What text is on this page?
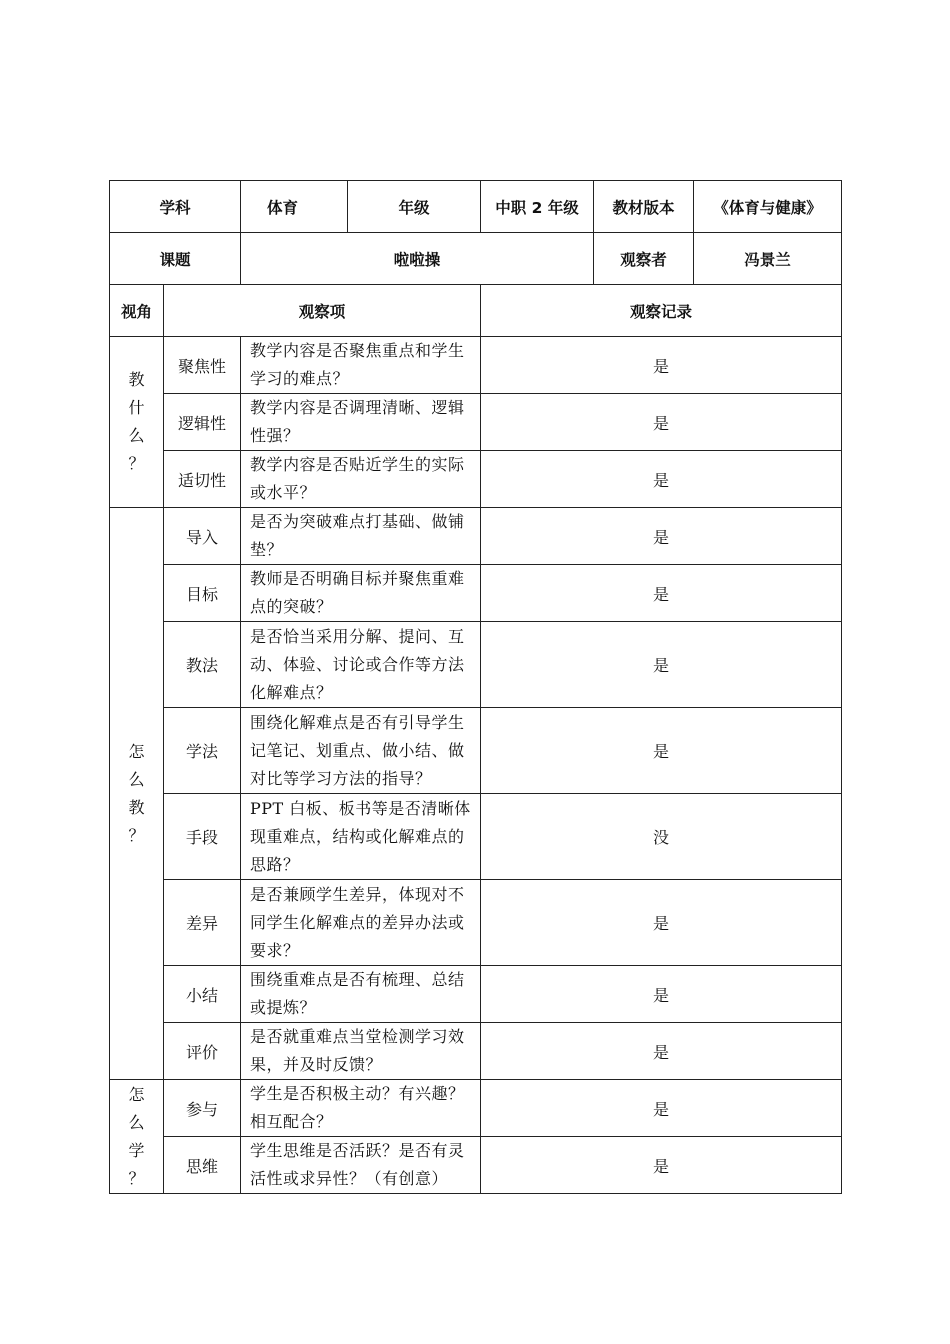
学科		体育	年级	中职 2 年级	教材版本	《体育与健康》
课题		啦啦操			观察者	冯景兰
视角	观察项			观察记录		

教
什
么
？	聚焦性	教学内容是否聚焦重点和学生学习的难点？		是		
	逻辑性	教学内容是否调理清晰、逻辑性强？		是		
	适切性	教学内容是否贴近学生的实际或水平？		是		

怎
么
教
？	导入	是否为突破难点打基础、做铺垫？		是		
	目标	教师是否明确目标并聚焦重难点的突破？		是		
	教法	是否恰当采用分解、提问、互动、体验、讨论或合作等方法化解难点？		是		
	学法	围绕化解难点是否有引导学生记笔记、划重点、做小结、做对比等学习方法的指导？		是		
	手段	PPT 白板、板书等是否清晰体现重难点，结构或化解难点的思路？		没		
	差异	是否兼顾学生差异，体现对不同学生化解难点的差异办法或要求？		是		
	小结	围绕重难点是否有梳理、总结或提炼？		是		
	评价	是否就重难点当堂检测学习效果，并及时反馈？		是		

怎
么
学
？	参与	学生是否积极主动？有兴趣？相互配合？		是		
	思维	学生思维是否活跃？是否有灵活性或求异性？（有创意）		是		
